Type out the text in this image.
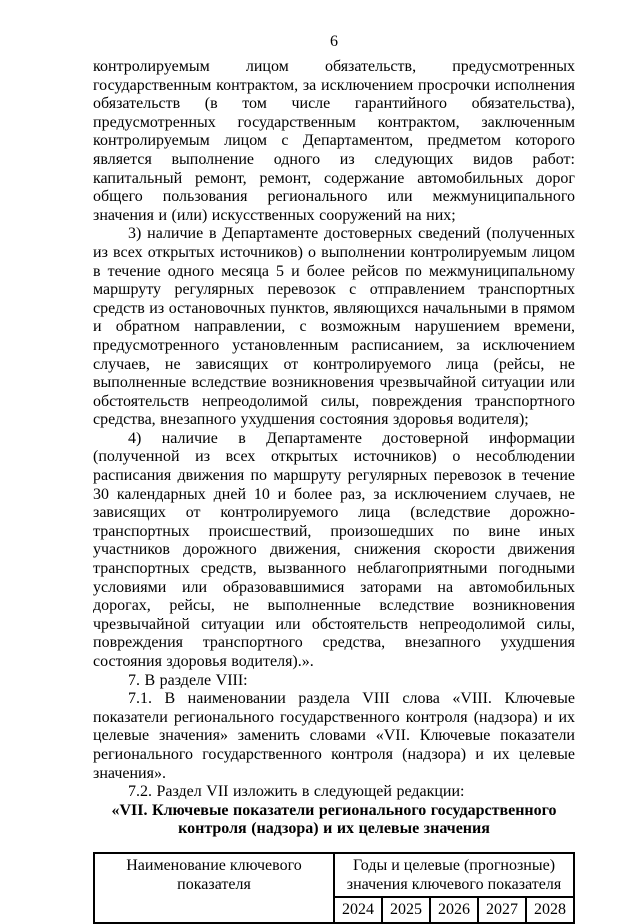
6

контролируемым лицом обязательств, предусмотренных государственным контрактом, за исключением просрочки исполнения обязательств (в том числе гарантийного обязательства), предусмотренных государственным контрактом, заключенным контролируемым лицом с Департаментом, предметом которого является выполнение одного из следующих видов работ: капитальный ремонт, ремонт, содержание автомобильных дорог общего пользования регионального или межмуниципального значения и (или) искусственных сооружений на них;

3) наличие в Департаменте достоверных сведений (полученных из всех открытых источников) о выполнении контролируемым лицом в течение одного месяца 5 и более рейсов по межмуниципальному маршруту регулярных перевозок с отправлением транспортных средств из остановочных пунктов, являющихся начальными в прямом и обратном направлении, с возможным нарушением времени, предусмотренного установленным расписанием, за исключением случаев, не зависящих от контролируемого лица (рейсы, не выполненные вследствие возникновения чрезвычайной ситуации или обстоятельств непреодолимой силы, повреждения транспортного средства, внезапного ухудшения состояния здоровья водителя);

4) наличие в Департаменте достоверной информации (полученной из всех открытых источников) о несоблюдении расписания движения по маршруту регулярных перевозок в течение 30 календарных дней 10 и более раз, за исключением случаев, не зависящих от контролируемого лица (вследствие дорожно-транспортных происшествий, произошедших по вине иных участников дорожного движения, снижения скорости движения транспортных средств, вызванного неблагоприятными погодными условиями или образовавшимися заторами на автомобильных дорогах, рейсы, не выполненные вследствие возникновения чрезвычайной ситуации или обстоятельств непреодолимой силы, повреждения транспортного средства, внезапного ухудшения состояния здоровья водителя).».

7. В разделе VIII:

7.1. В наименовании раздела VIII слова «VIII. Ключевые показатели регионального государственного контроля (надзора) и их целевые значения» заменить словами «VII. Ключевые показатели регионального государственного контроля (надзора) и их целевые значения».

7.2. Раздел VII изложить в следующей редакции:

«VII. Ключевые показатели регионального государственного контроля (надзора) и их целевые значения

Наименование ключевого показателя	Годы и целевые (прогнозные) значения ключевого показателя				
	2024	2025	2026	2027	2028
